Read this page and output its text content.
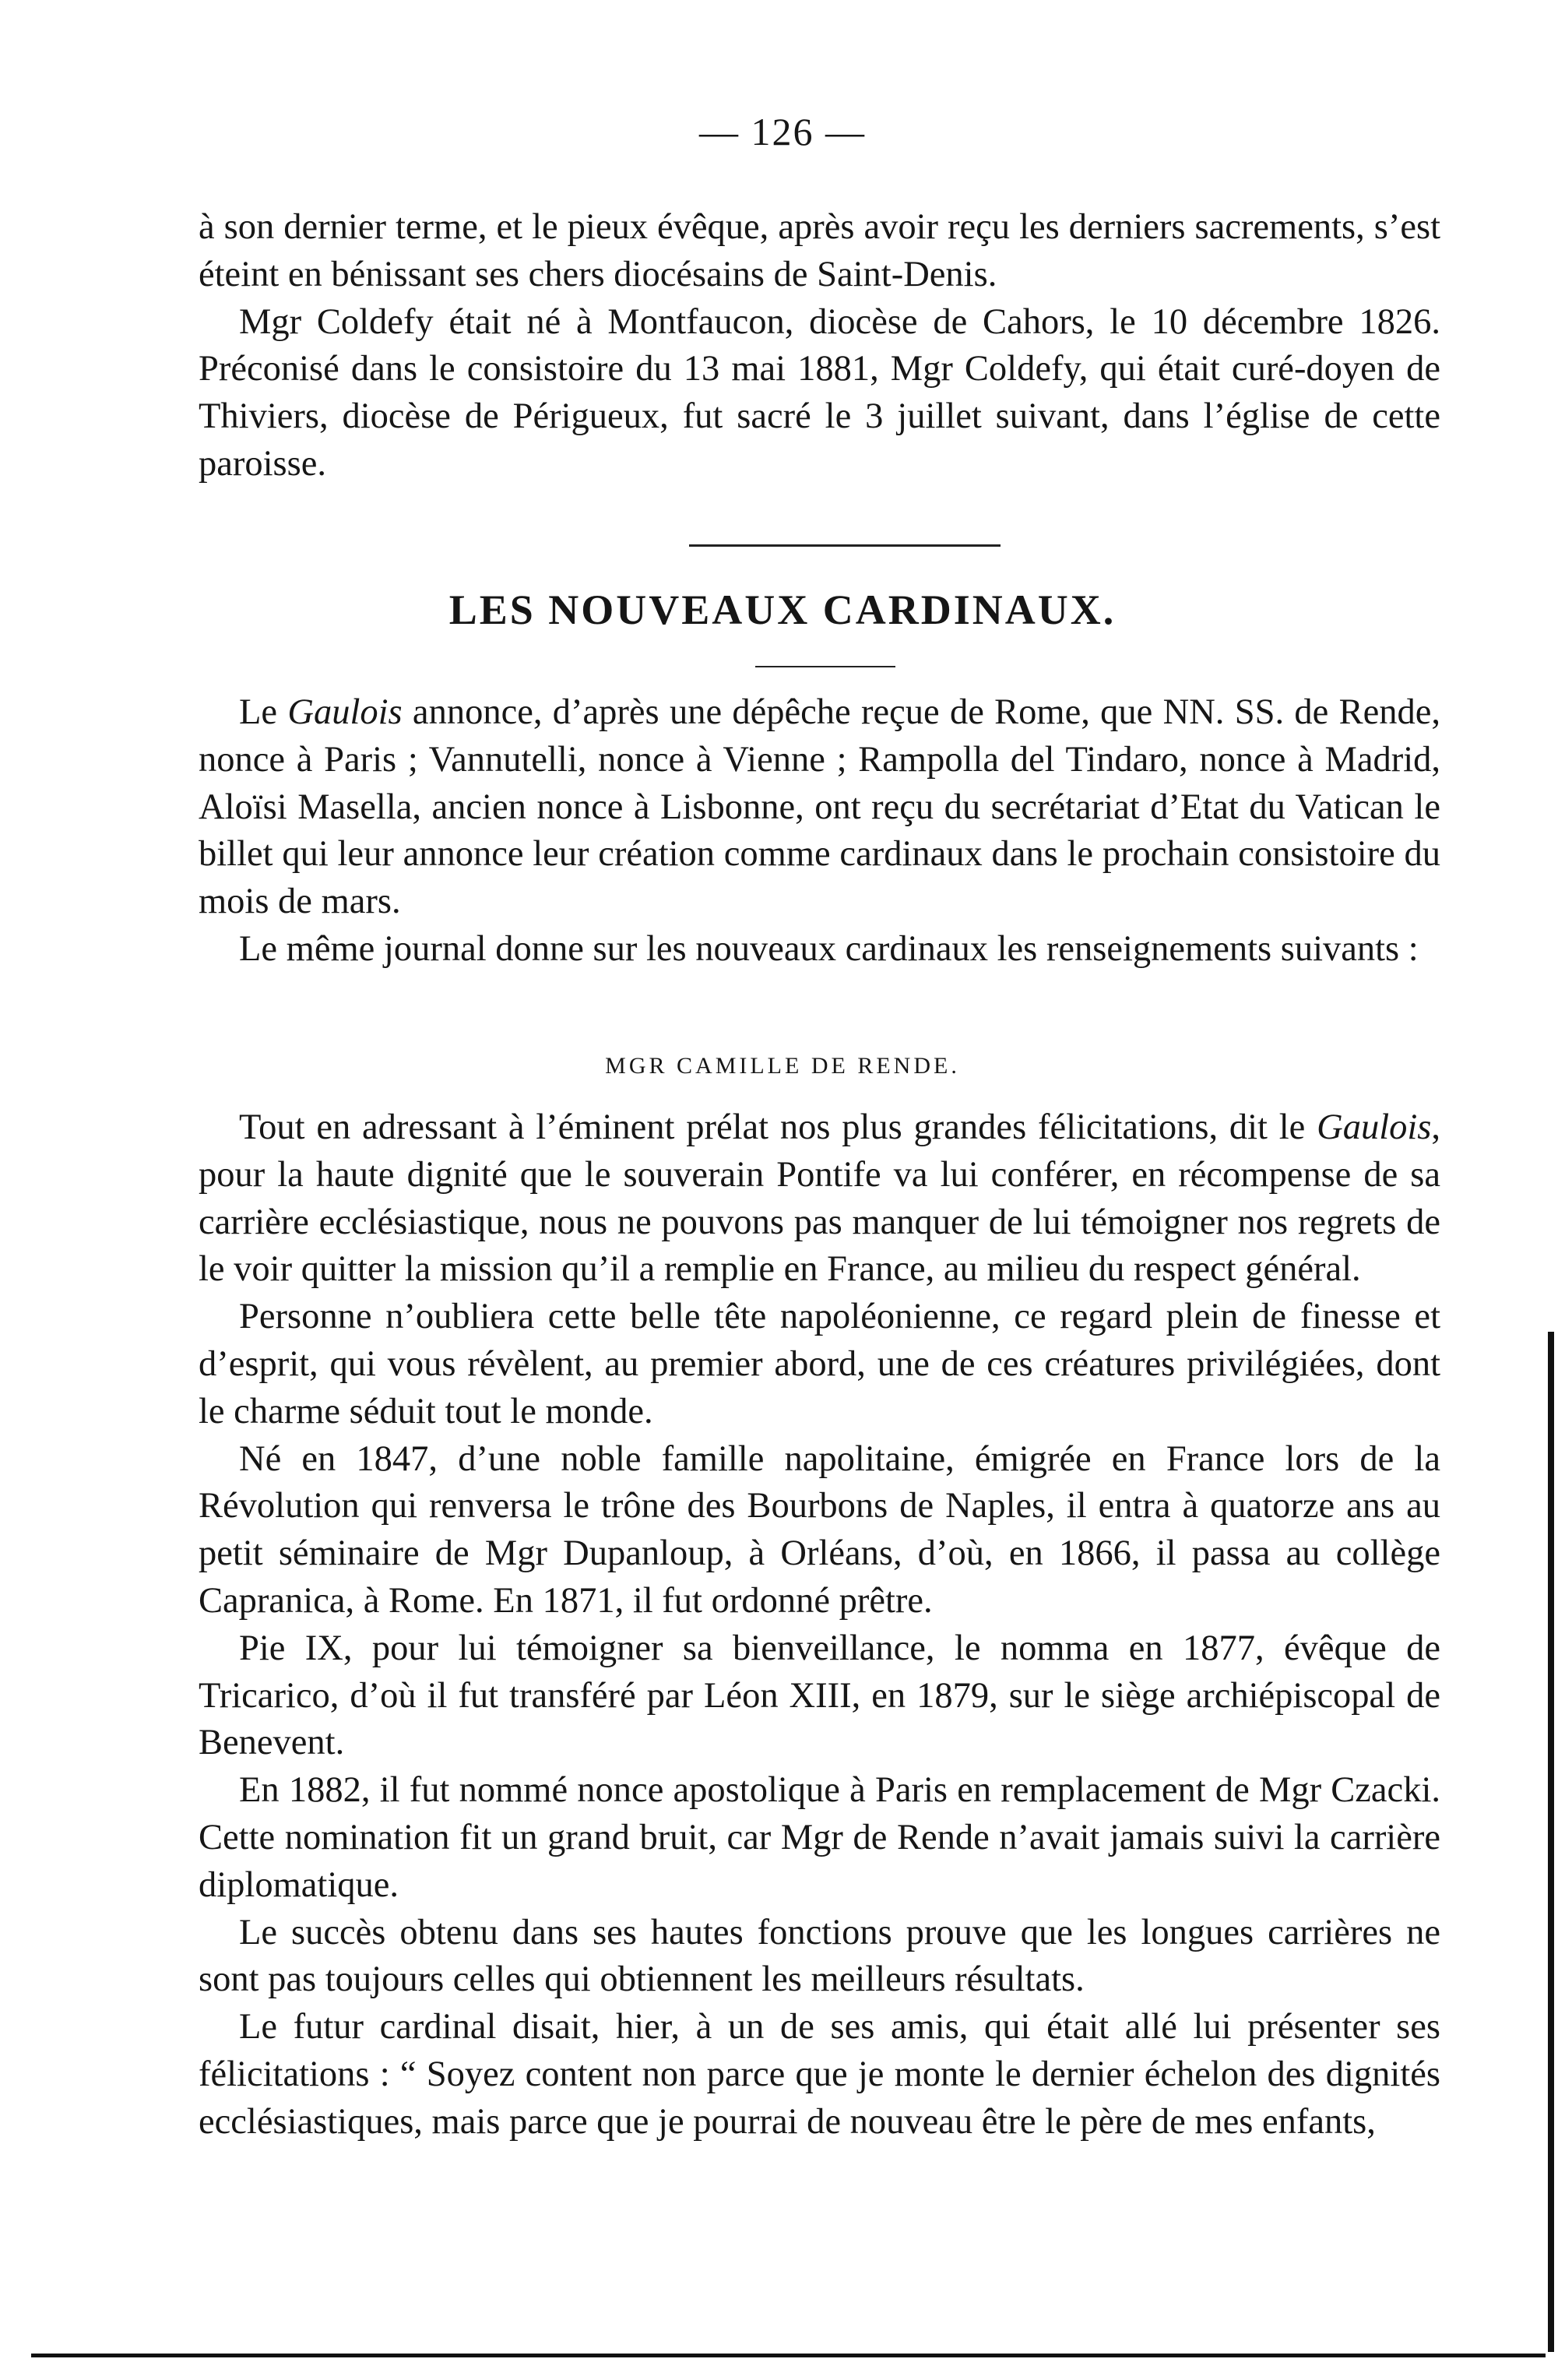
— 126 —

à son dernier terme, et le pieux évêque, après avoir reçu les derniers sacrements, s’est éteint en bénissant ses chers diocésains de Saint-Denis.

Mgr Coldefy était né à Montfaucon, diocèse de Cahors, le 10 décembre 1826. Préconisé dans le consistoire du 13 mai 1881, Mgr Coldefy, qui était curé-doyen de Thiviers, diocèse de Périgueux, fut sacré le 3 juillet suivant, dans l’église de cette paroisse.

LES NOUVEAUX CARDINAUX.

Le Gaulois annonce, d’après une dépêche reçue de Rome, que NN. SS. de Rende, nonce à Paris ; Vannutelli, nonce à Vienne ; Rampolla del Tindaro, nonce à Madrid, Aloïsi Masella, ancien nonce à Lisbonne, ont reçu du secrétariat d’Etat du Vatican le billet qui leur annonce leur création comme cardinaux dans le prochain consistoire du mois de mars.

Le même journal donne sur les nouveaux cardinaux les renseignements suivants :

MGR CAMILLE DE RENDE.

Tout en adressant à l’éminent prélat nos plus grandes félicitations, dit le Gaulois, pour la haute dignité que le souverain Pontife va lui conférer, en récompense de sa carrière ecclésiastique, nous ne pouvons pas manquer de lui témoigner nos regrets de le voir quitter la mission qu’il a remplie en France, au milieu du respect général.

Personne n’oubliera cette belle tête napoléonienne, ce regard plein de finesse et d’esprit, qui vous révèlent, au premier abord, une de ces créatures privilégiées, dont le charme séduit tout le monde.

Né en 1847, d’une noble famille napolitaine, émigrée en France lors de la Révolution qui renversa le trône des Bourbons de Naples, il entra à quatorze ans au petit séminaire de Mgr Dupanloup, à Orléans, d’où, en 1866, il passa au collège Capranica, à Rome. En 1871, il fut ordonné prêtre.

Pie IX, pour lui témoigner sa bienveillance, le nomma en 1877, évêque de Tricarico, d’où il fut transféré par Léon XIII, en 1879, sur le siège archiépiscopal de Benevent.

En 1882, il fut nommé nonce apostolique à Paris en remplacement de Mgr Czacki. Cette nomination fit un grand bruit, car Mgr de Rende n’avait jamais suivi la carrière diplomatique.

Le succès obtenu dans ses hautes fonctions prouve que les longues carrières ne sont pas toujours celles qui obtiennent les meilleurs résultats.

Le futur cardinal disait, hier, à un de ses amis, qui était allé lui présenter ses félicitations : “ Soyez content non parce que je monte le dernier échelon des dignités ecclésiastiques, mais parce que je pourrai de nouveau être le père de mes enfants,
